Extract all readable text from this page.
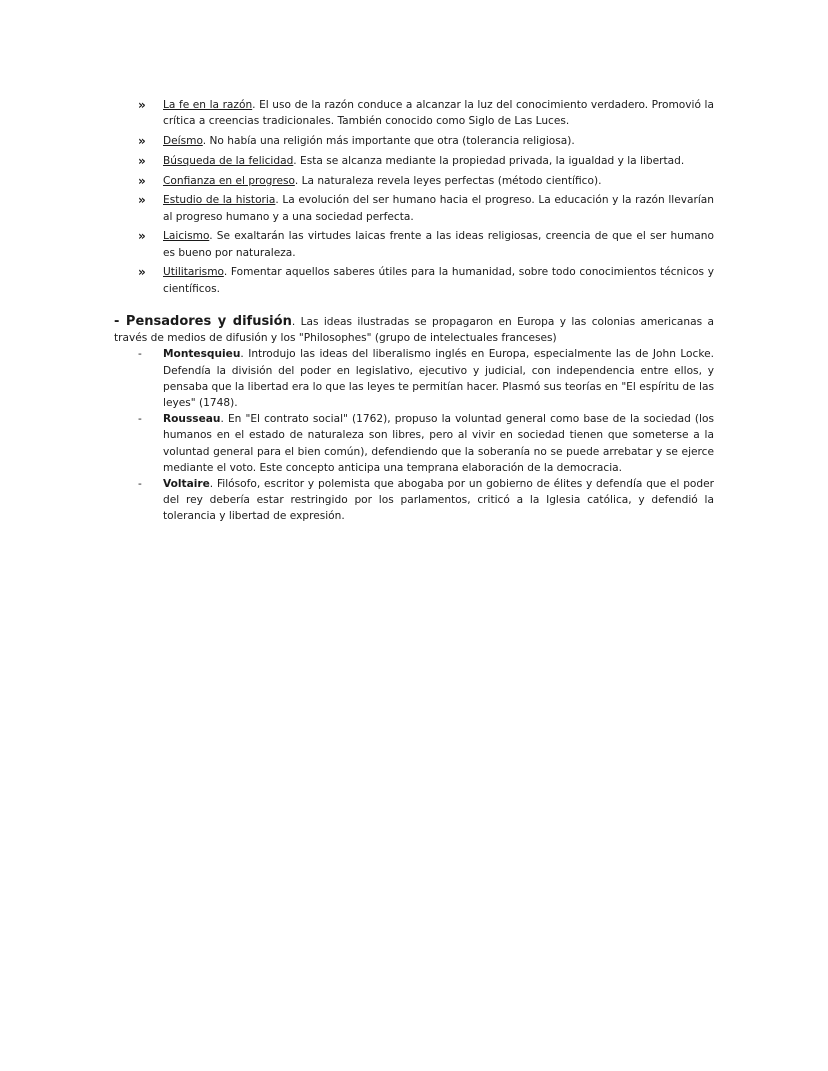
» La fe en la razón. El uso de la razón conduce a alcanzar la luz del conocimiento verdadero. Promovió la crítica a creencias tradicionales. También conocido como Siglo de Las Luces.
» Deísmo. No había una religión más importante que otra (tolerancia religiosa).
» Búsqueda de la felicidad. Esta se alcanza mediante la propiedad privada, la igualdad y la libertad.
» Confianza en el progreso. La naturaleza revela leyes perfectas (método científico).
» Estudio de la historia. La evolución del ser humano hacia el progreso. La educación y la razón llevarían al progreso humano y a una sociedad perfecta.
» Laicismo. Se exaltarán las virtudes laicas frente a las ideas religiosas, creencia de que el ser humano es bueno por naturaleza.
» Utilitarismo. Fomentar aquellos saberes útiles para la humanidad, sobre todo conocimientos técnicos y científicos.
- Pensadores y difusión. Las ideas ilustradas se propagaron en Europa y las colonias americanas a través de medios de difusión y los "Philosophes" (grupo de intelectuales franceses)
- Montesquieu. Introdujo las ideas del liberalismo inglés en Europa, especialmente las de John Locke. Defendía la división del poder en legislativo, ejecutivo y judicial, con independencia entre ellos, y pensaba que la libertad era lo que las leyes te permitían hacer. Plasmó sus teorías en "El espíritu de las leyes" (1748).
- Rousseau. En "El contrato social" (1762), propuso la voluntad general como base de la sociedad (los humanos en el estado de naturaleza son libres, pero al vivir en sociedad tienen que someterse a la voluntad general para el bien común), defendiendo que la soberanía no se puede arrebatar y se ejerce mediante el voto. Este concepto anticipa una temprana elaboración de la democracia.
- Voltaire. Filósofo, escritor y polemista que abogaba por un gobierno de élites y defendía que el poder del rey debería estar restringido por los parlamentos, criticó a la Iglesia católica, y defendió la tolerancia y libertad de expresión.
